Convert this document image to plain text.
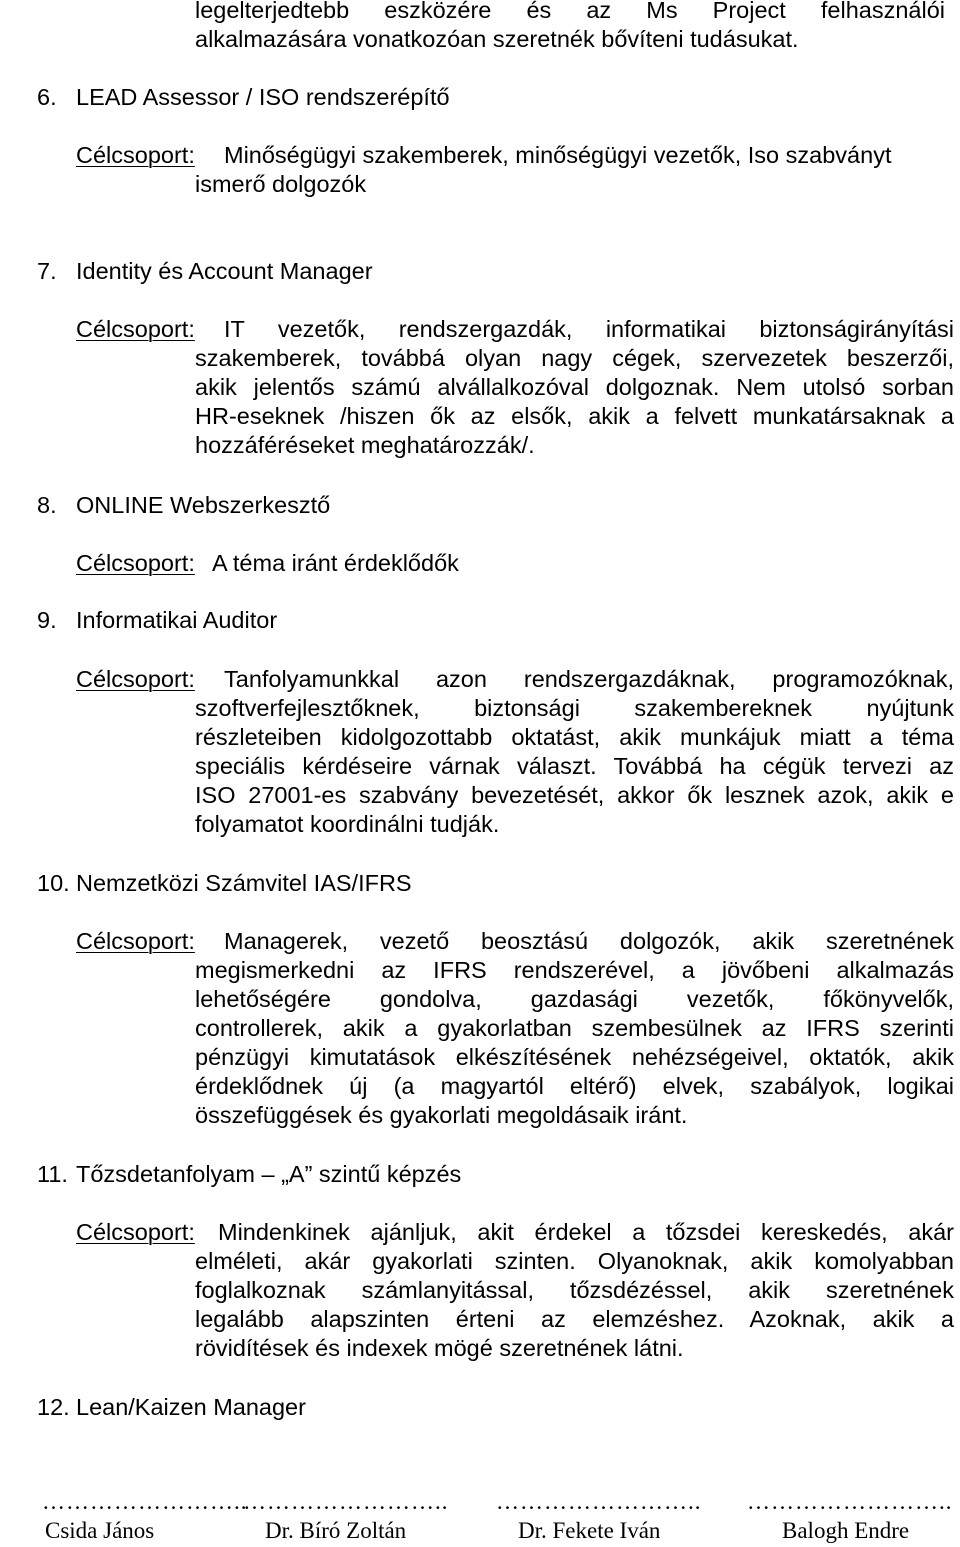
legelterjedtebb eszközére és az Ms Project felhasználói
alkalmazására vonatkozóan szeretnék bővíteni tudásukat.
6. LEAD Assessor / ISO rendszerépítő
Célcsoport: Minőségügyi szakemberek, minőségügyi vezetők, Iso szabványt
ismerő dolgozók
7. Identity és Account Manager
Célcsoport: IT vezetők, rendszergazdák, informatikai biztonságirányítási
szakemberek, továbbá olyan nagy cégek, szervezetek beszerzői,
akik jelentős számú alvállalkozóval dolgoznak. Nem utolsó sorban
HR-eseknek /hiszen ők az elsők, akik a felvett munkatársaknak a
hozzáféréseket meghatározzák/.
8. ONLINE Webszerkesztő
Célcsoport: A téma iránt érdeklődők
9. Informatikai Auditor
Célcsoport: Tanfolyamunkkal azon rendszergazdáknak, programozóknak,
szoftverfejlesztőknek, biztonsági szakembereknek nyújtunk
részleteiben kidolgozottabb oktatást, akik munkájuk miatt a téma
speciális kérdéseire várnak választ. Továbbá ha cégük tervezi az
ISO 27001-es szabvány bevezetését, akkor ők lesznek azok, akik e
folyamatot koordinálni tudják.
10. Nemzetközi Számvitel IAS/IFRS
Célcsoport: Managerek, vezető beosztású dolgozók, akik szeretnének
megismerkedni az IFRS rendszerével, a jövőbeni alkalmazás
lehetőségére gondolva, gazdasági vezetők, főkönyvelők,
controllerek, akik a gyakorlatban szembesülnek az IFRS szerinti
pénzügyi kimutatások elkészítésének nehézségeivel, oktatók, akik
érdeklődnek új (a magyartól eltérő) elvek, szabályok, logikai
összefüggések és gyakorlati megoldásaik iránt.
11. Tőzsdetanfolyam – „A” szintű képzés
Célcsoport: Mindenkinek ajánljuk, akit érdekel a tőzsdei kereskedés, akár
elméleti, akár gyakorlati szinten. Olyanoknak, akik komolyabban
foglalkoznak számlanyitással, tőzsdézéssel, akik szeretnének
legalább alapszinten érteni az elemzéshez. Azoknak, akik a
rövidítések és indexek mögé szeretnének látni.
12. Lean/Kaizen Manager
……………………..
…………………….. …………………….. ……………………..
Csida János	Dr. Bíró Zoltán	Dr. Fekete Iván	Balogh Endre
